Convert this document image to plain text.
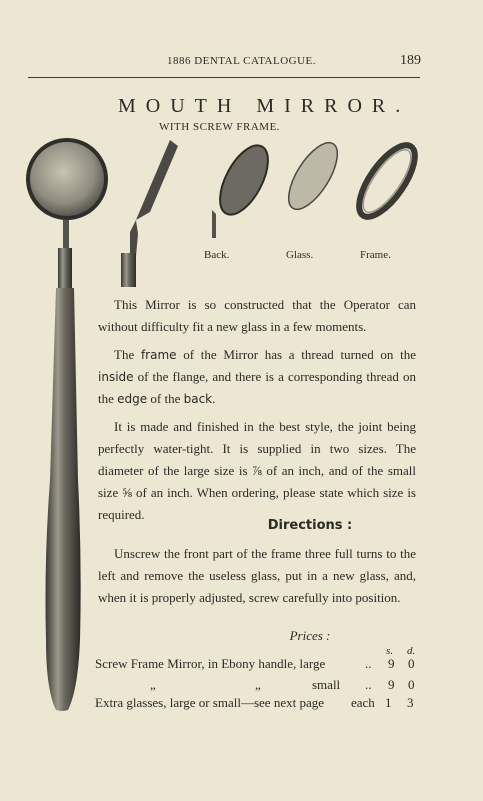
1886 DENTAL CATALOGUE.	189
MOUTH MIRROR.
WITH SCREW FRAME.
Back.	Glass.	Frame.

This Mirror is so constructed that the Operator can without difficulty fit a new glass in a few moments.

The frame of the Mirror has a thread turned on the inside of the flange, and there is a corresponding thread on the edge of the back.

It is made and finished in the best style, the joint being perfectly water-tight. It is supplied in two sizes. The diameter of the large size is ⅞ of an inch, and of the small size ⅝ of an inch. When ordering, please state which size is required.

Directions :

Unscrew the front part of the frame three full turns to the left and remove the useless glass, put in a new glass, and, when it is properly adjusted, screw carefully into position.

Prices :
s. d.
Screw Frame Mirror, in Ebony handle, large	.. 9 0
„	„	small .. 9 0
Extra glasses, large or small—see next page each 1 3
